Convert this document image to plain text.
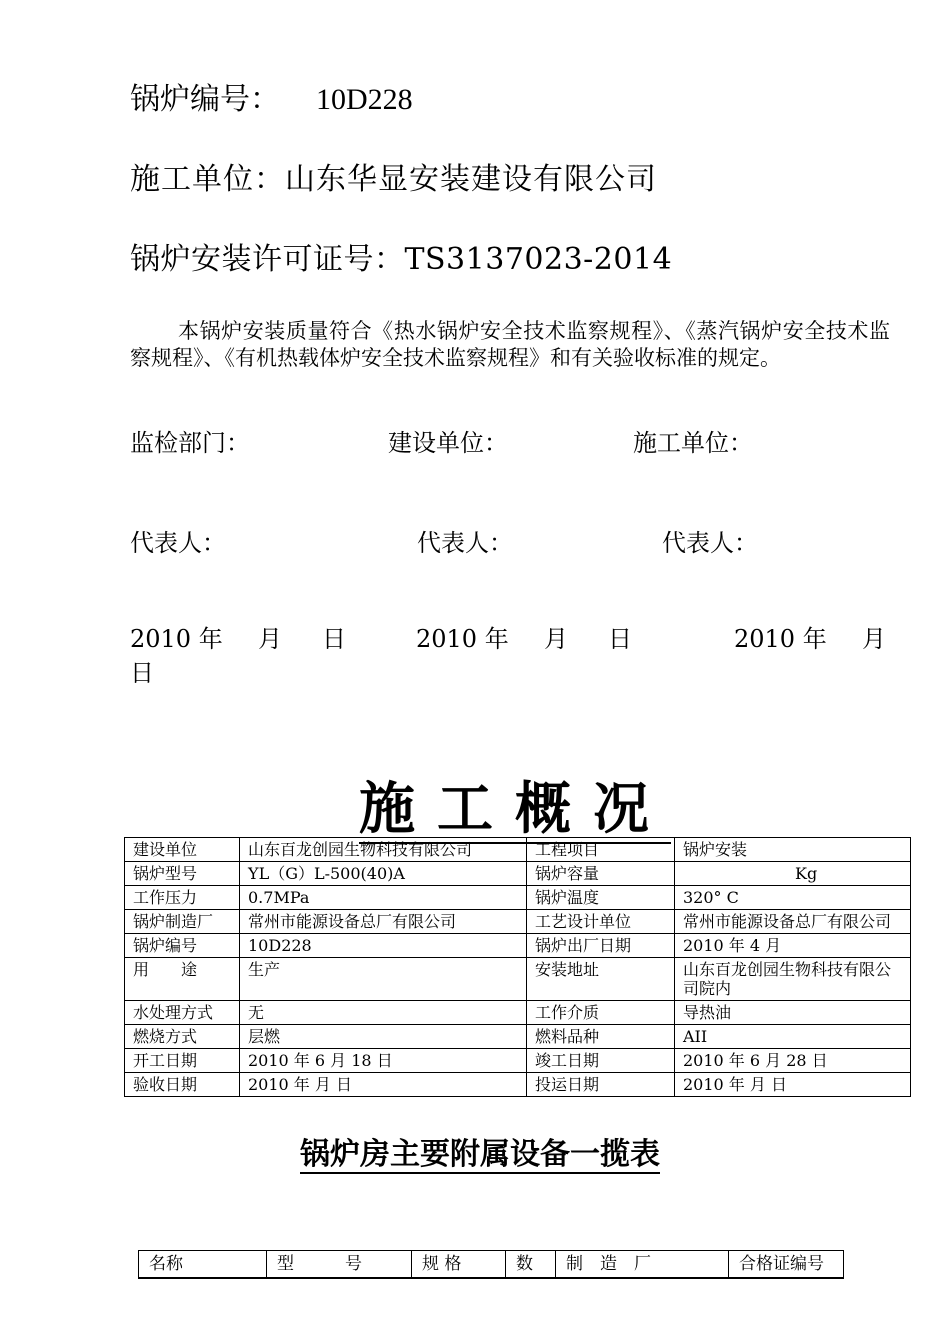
锅炉编号： 10D228
施工单位：山东华显安装建设有限公司
锅炉安装许可证号：TS3137023-2014
本锅炉安装质量符合《热水锅炉安全技术监察规程》、《蒸汽锅炉安全技术监察规程》、《有机热载体炉安全技术监察规程》和有关验收标准的规定。
监检部门：	建设单位：	施工单位：
代表人：	代表人：	代表人：
2010 年 月 日	2010 年 月 日	2010 年 月
日
施工概况
建设单位	山东百龙创园生物科技有限公司	工程项目	锅炉安装
锅炉型号	YL（G）L-500(40)A	锅炉容量	Kg
工作压力	0.7MPa	锅炉温度	320° C
锅炉制造厂	常州市能源设备总厂有限公司	工艺设计单位	常州市能源设备总厂有限公司
锅炉编号	10D228	锅炉出厂日期	2010 年 4 月
用　　途	生产	安装地址	山东百龙创园生物科技有限公司院内
水处理方式	无	工作介质	导热油
燃烧方式	层燃	燃料品种	AII
开工日期	2010 年 6 月 18 日	竣工日期	2010 年 6 月 28 日
验收日期	2010 年 月 日	投运日期	2010 年 月 日
锅炉房主要附属设备一揽表
名称	型　　　号	规 格	数	制　造　厂	合格证编号
